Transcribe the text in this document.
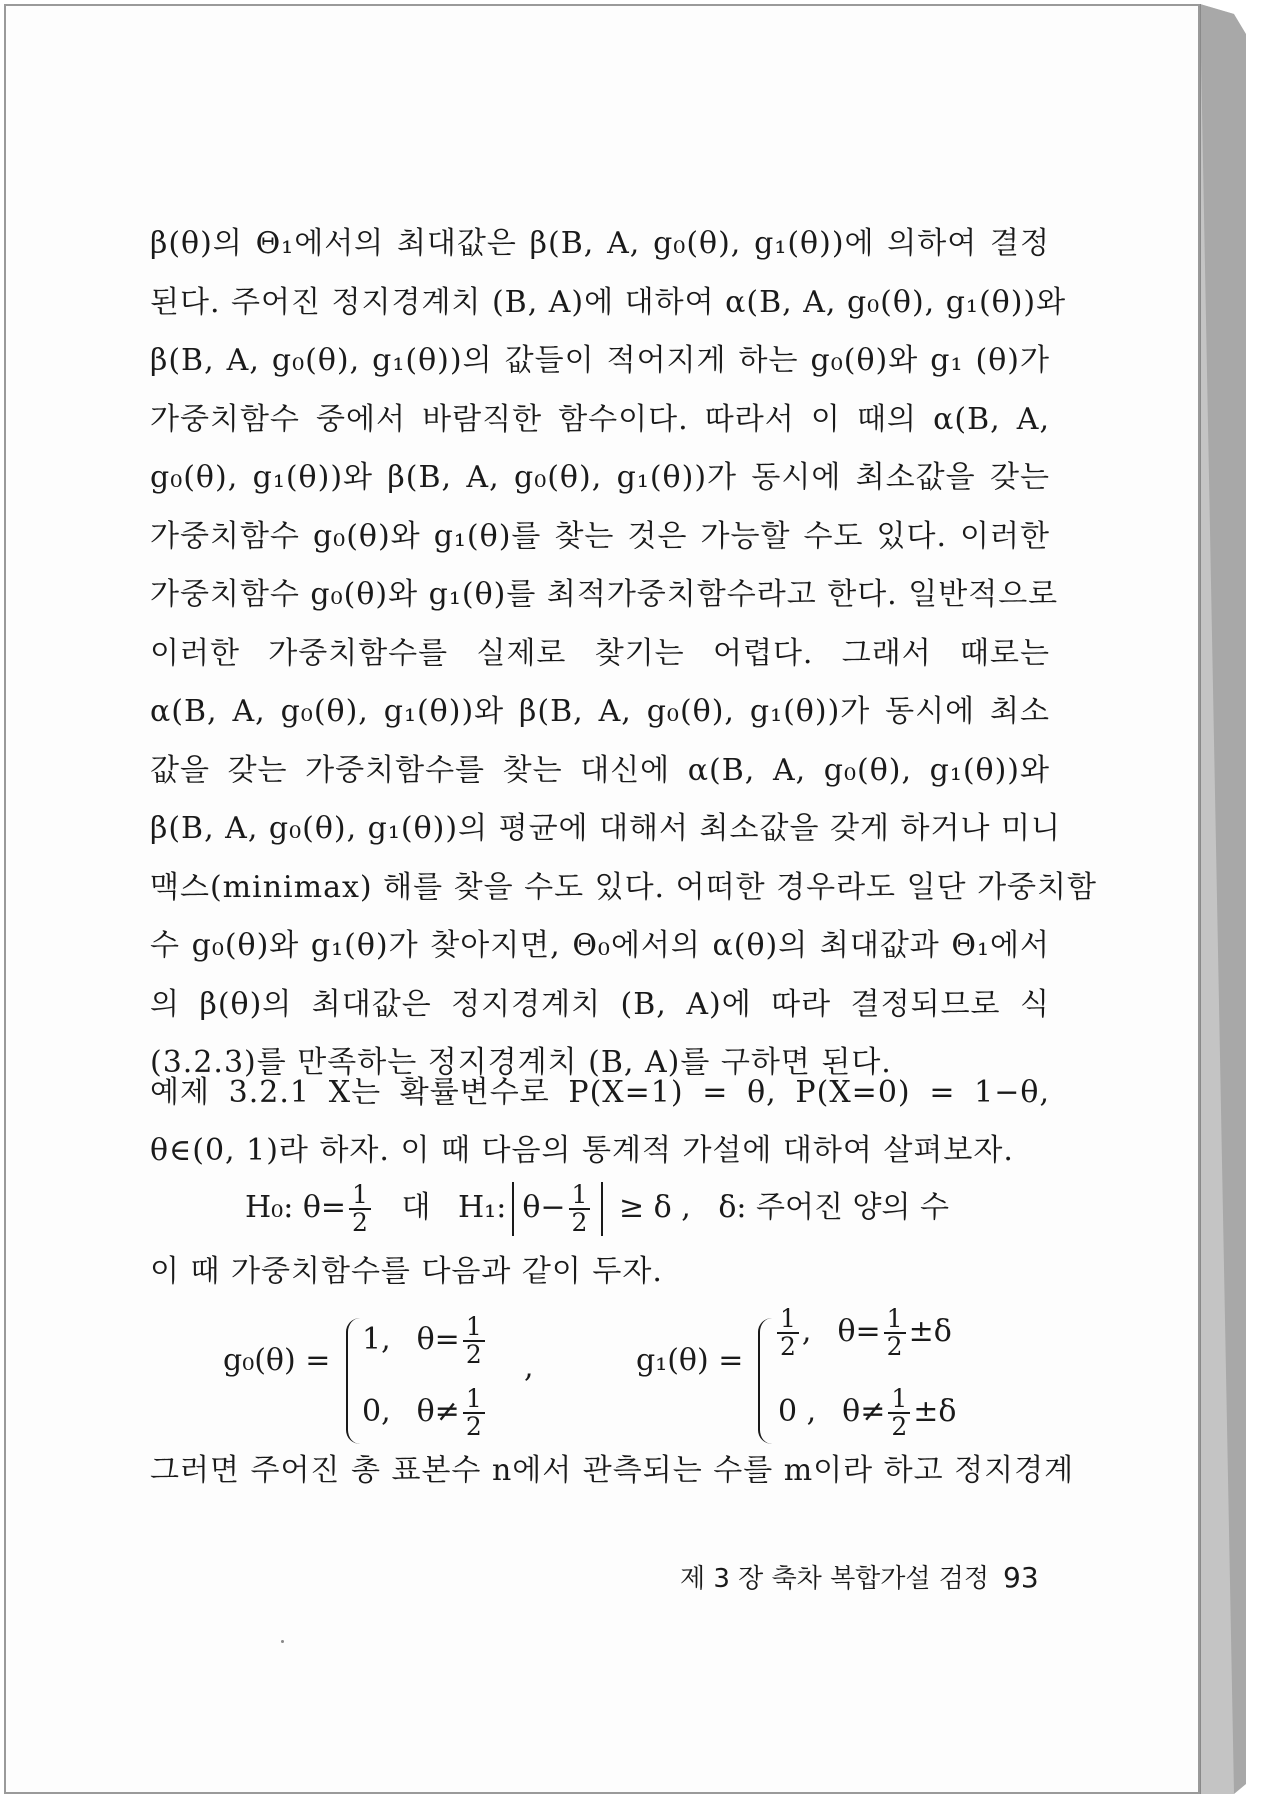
β(θ)의 Θ₁에서의 최대값은 β(B, A, g₀(θ), g₁(θ))에 의하여 결정
된다. 주어진 정지경계치 (B, A)에 대하여 α(B, A, g₀(θ), g₁(θ))와
β(B, A, g₀(θ), g₁(θ))의 값들이 적어지게 하는 g₀(θ)와 g₁ (θ)가
가중치함수 중에서 바람직한 함수이다. 따라서 이 때의 α(B, A,
g₀(θ), g₁(θ))와 β(B, A, g₀(θ), g₁(θ))가 동시에 최소값을 갖는
가중치함수 g₀(θ)와 g₁(θ)를 찾는 것은 가능할 수도 있다. 이러한
가중치함수 g₀(θ)와 g₁(θ)를 최적가중치함수라고 한다. 일반적으로
이러한 가중치함수를 실제로 찾기는 어렵다. 그래서 때로는
α(B, A, g₀(θ), g₁(θ))와 β(B, A, g₀(θ), g₁(θ))가 동시에 최소
값을 갖는 가중치함수를 찾는 대신에 α(B, A, g₀(θ), g₁(θ))와
β(B, A, g₀(θ), g₁(θ))의 평균에 대해서 최소값을 갖게 하거나 미니
맥스(minimax) 해를 찾을 수도 있다. 어떠한 경우라도 일단 가중치함
수 g₀(θ)와 g₁(θ)가 찾아지면, Θ₀에서의 α(θ)의 최대값과 Θ₁에서
의 β(θ)의 최대값은 정지경계치 (B, A)에 따라 결정되므로 식
(3.2.3)를 만족하는 정지경계치 (B, A)를 구하면 된다.
예제 3.2.1 X는 확률변수로 P(X=1) = θ, P(X=0) = 1−θ,
θ∈(0, 1)라 하자. 이 때 다음의 통계적 가설에 대하여 살펴보자.
H₀: $\theta= \frac{1}{2}$ 대 H₁: $\theta- \frac{1}{2} \ge \delta$ , δ: 주어진 양의 수
이 때 가중치함수를 다음과 같이 두자.
g₀(θ) =
1, $\theta= \frac{1}{2}$
0, $\theta\ne \frac{1}{2}$
,	g₁(θ) =
$\frac{1}{2}$ , $\theta= \frac{1}{2} \pm\delta$
0 , $\theta\ne \frac{1}{2} \pm\delta$
그러면 주어진 총 표본수 n에서 관측되는 수를 m이라 하고 정지경계
제 3 장 축차 복합가설 검정 93
